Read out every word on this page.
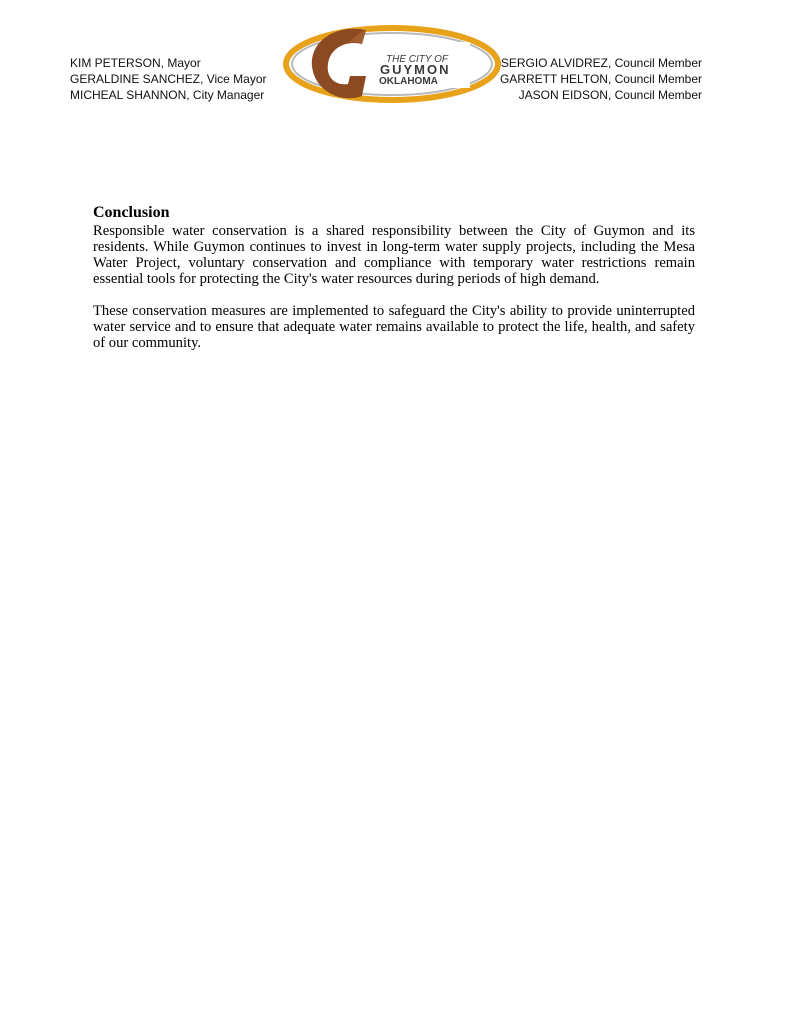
KIM PETERSON, Mayor
GERALDINE SANCHEZ, Vice Mayor
MICHEAL SHANNON, City Manager
THE CITY OF
GUYMON
OKLAHOMA
SERGIO ALVIDREZ, Council Member
GARRETT HELTON, Council Member
JASON EIDSON, Council Member
Conclusion

Responsible water conservation is a shared responsibility between the City of Guymon and its residents. While Guymon continues to invest in long-term water supply projects, including the Mesa Water Project, voluntary conservation and compliance with temporary water restrictions remain essential tools for protecting the City's water resources during periods of high demand.

These conservation measures are implemented to safeguard the City's ability to provide uninterrupted water service and to ensure that adequate water remains available to protect the life, health, and safety of our community.
